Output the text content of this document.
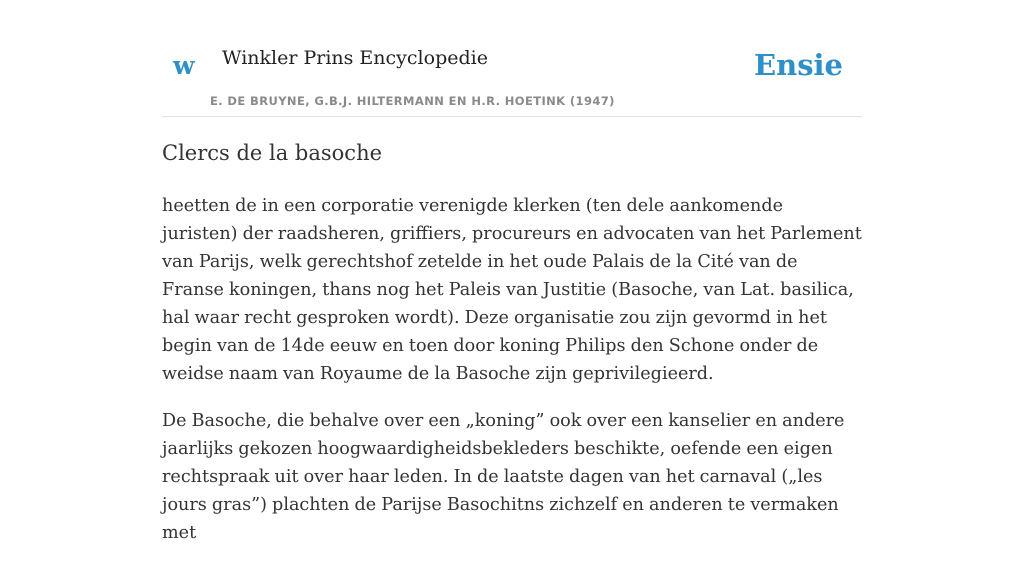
w Winkler Prins Encyclopedie
E. DE BRUYNE, G.B.J. HILTERMANN EN H.R. HOETINK (1947)
Ensie
Clercs de la basoche

heetten de in een corporatie verenigde klerken (ten dele aankomende juristen) der raadsheren, griffiers, procureurs en advocaten van het Parlement van Parijs, welk gerechtshof zetelde in het oude Palais de la Cité van de Franse koningen, thans nog het Paleis van Justitie (Basoche, van Lat. basilica, hal waar recht gesproken wordt). Deze organisatie zou zijn gevormd in het begin van de 14de eeuw en toen door koning Philips den Schone onder de weidse naam van Royaume de la Basoche zijn geprivilegieerd.

De Basoche, die behalve over een „koning” ook over een kanselier en andere jaarlijks gekozen hoogwaardigheidsbekleders beschikte, oefende een eigen rechtspraak uit over haar leden. In de laatste dagen van het carnaval („les jours gras”) plachten de Parijse Basochitns zichzelf en anderen te vermaken met
